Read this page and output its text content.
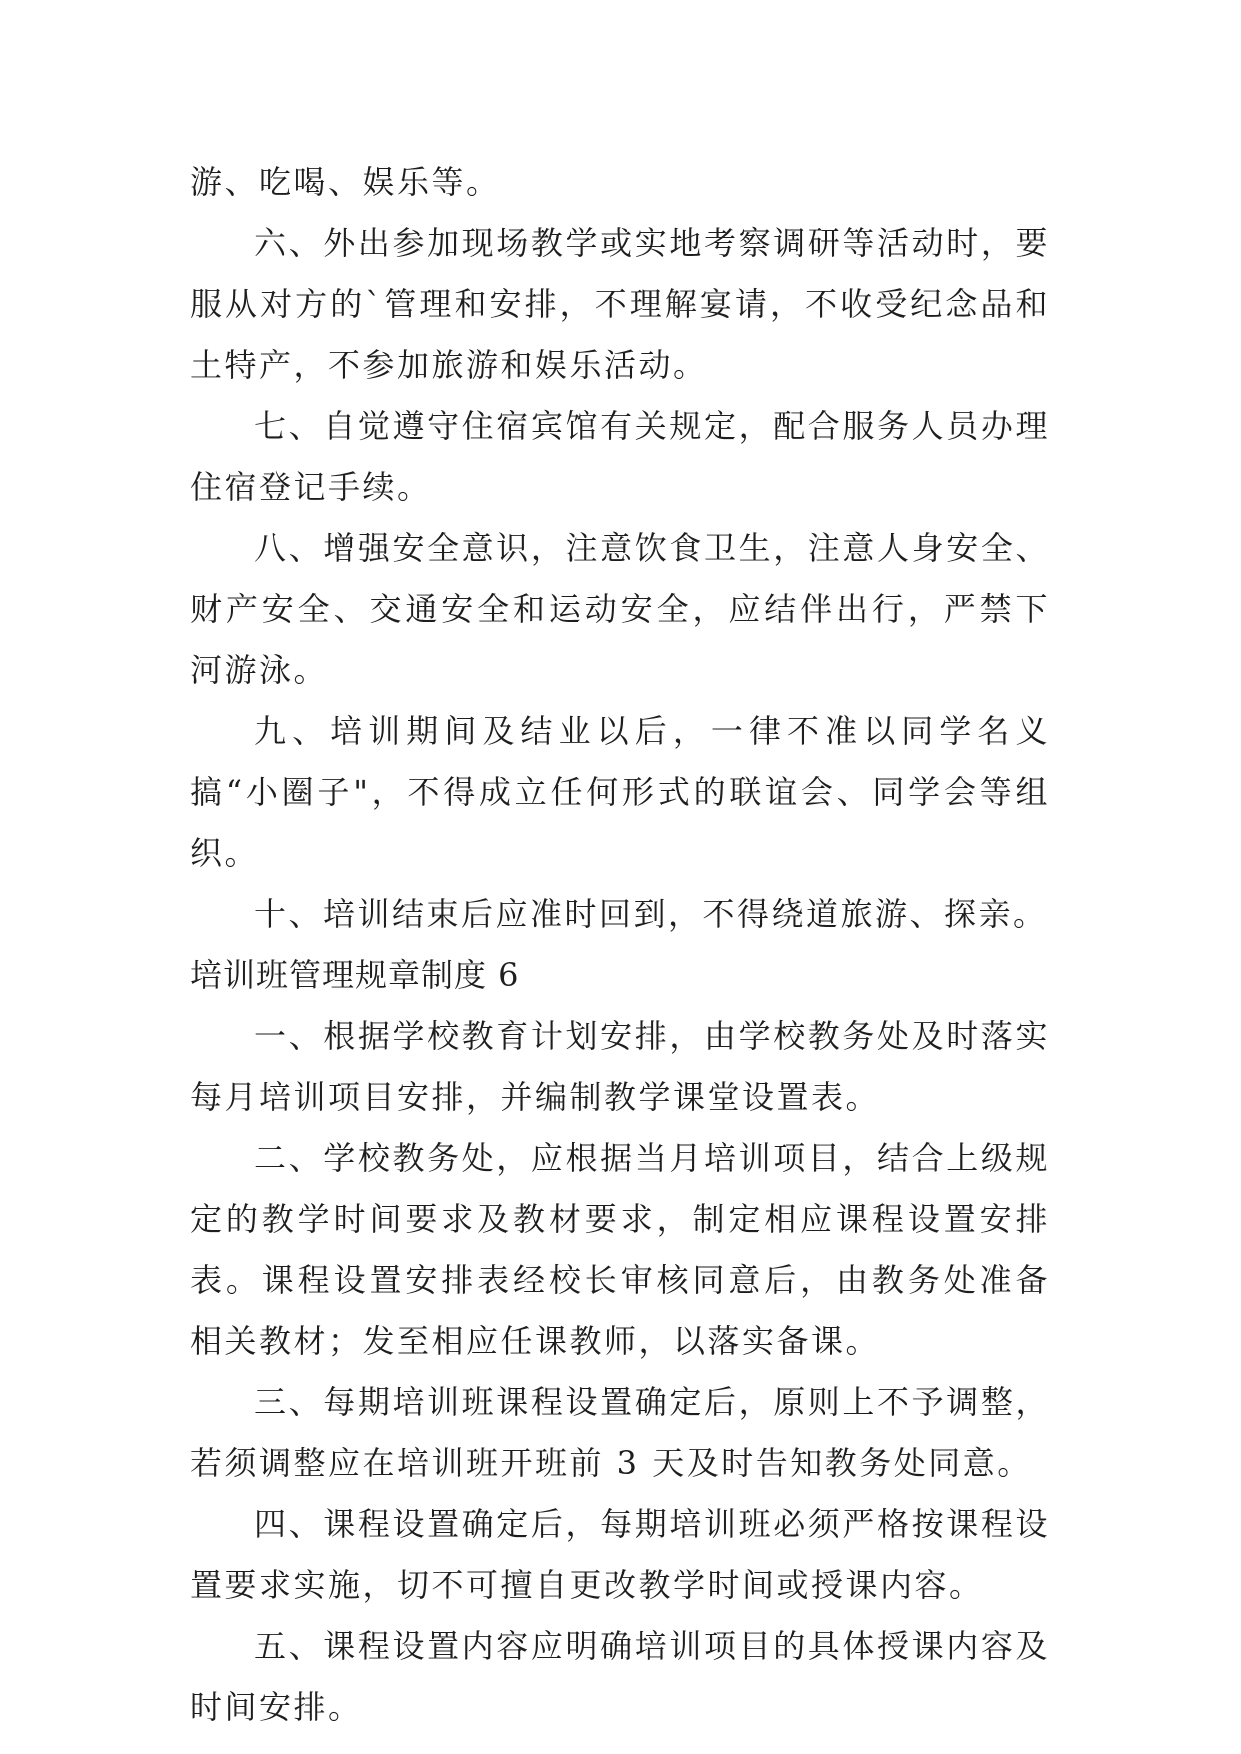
游、吃喝、娱乐等。

六、外出参加现场教学或实地考察调研等活动时，要服从对方的`管理和安排，不理解宴请，不收受纪念品和土特产，不参加旅游和娱乐活动。

七、自觉遵守住宿宾馆有关规定，配合服务人员办理住宿登记手续。

八、增强安全意识，注意饮食卫生，注意人身安全、财产安全、交通安全和运动安全，应结伴出行，严禁下河游泳。

九、培训期间及结业以后，一律不准以同学名义搞“小圈子"，不得成立任何形式的联谊会、同学会等组织。

十、培训结束后应准时回到，不得绕道旅游、探亲。

培训班管理规章制度 6

一、根据学校教育计划安排，由学校教务处及时落实每月培训项目安排，并编制教学课堂设置表。

二、学校教务处，应根据当月培训项目，结合上级规定的教学时间要求及教材要求，制定相应课程设置安排表。课程设置安排表经校长审核同意后，由教务处准备相关教材；发至相应任课教师，以落实备课。

三、每期培训班课程设置确定后，原则上不予调整，若须调整应在培训班开班前 3 天及时告知教务处同意。

四、课程设置确定后，每期培训班必须严格按课程设置要求实施，切不可擅自更改教学时间或授课内容。

五、课程设置内容应明确培训项目的具体授课内容及时间安排。
